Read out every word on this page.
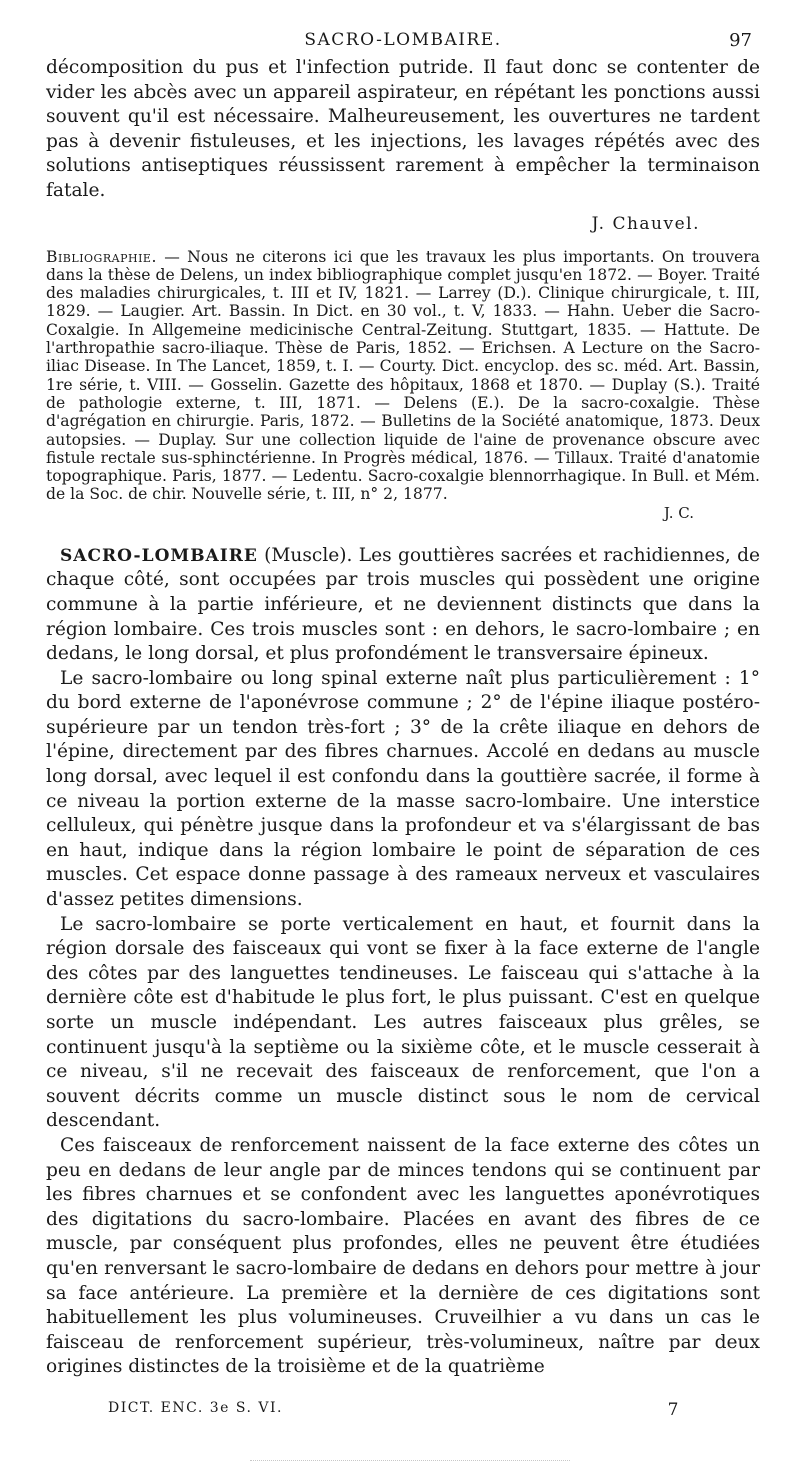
SACRO-LOMBAIRE.	97

décomposition du pus et l'infection putride. Il faut donc se contenter de vider les abcès avec un appareil aspirateur, en répétant les ponctions aussi souvent qu'il est nécessaire. Malheureusement, les ouvertures ne tardent pas à devenir fistuleuses, et les injections, les lavages répétés avec des solutions antiseptiques réussissent rarement à empêcher la terminaison fatale.

J. Chauvel.

Bibliographie. — Nous ne citerons ici que les travaux les plus importants. On trouvera dans la thèse de Delens, un index bibliographique complet jusqu'en 1872. — Boyer. Traité des maladies chirurgicales, t. III et IV, 1821. — Larrey (D.). Clinique chirurgicale, t. III, 1829. — Laugier. Art. Bassin. In Dict. en 30 vol., t. V, 1833. — Hahn. Ueber die Sacro-Coxalgie. In Allgemeine medicinische Central-Zeitung. Stuttgart, 1835. — Hattute. De l'arthropathie sacro-iliaque. Thèse de Paris, 1852. — Erichsen. A Lecture on the Sacro-iliac Disease. In The Lancet, 1859, t. I. — Courty. Dict. encyclop. des sc. méd. Art. Bassin, 1re série, t. VIII. — Gosselin. Gazette des hôpitaux, 1868 et 1870. — Duplay (S.). Traité de pathologie externe, t. III, 1871. — Delens (E.). De la sacro-coxalgie. Thèse d'agrégation en chirurgie. Paris, 1872. — Bulletins de la Société anatomique, 1873. Deux autopsies. — Duplay. Sur une collection liquide de l'aine de provenance obscure avec fistule rectale sus-sphinctérienne. In Progrès médical, 1876. — Tillaux. Traité d'anatomie topographique. Paris, 1877. — Ledentu. Sacro-coxalgie blennorrhagique. In Bull. et Mém. de la Soc. de chir. Nouvelle série, t. III, n° 2, 1877.

J. C.

SACRO-LOMBAIRE (Muscle). Les gouttières sacrées et rachidiennes, de chaque côté, sont occupées par trois muscles qui possèdent une origine commune à la partie inférieure, et ne deviennent distincts que dans la région lombaire. Ces trois muscles sont : en dehors, le sacro-lombaire ; en dedans, le long dorsal, et plus profondément le transversaire épineux.

Le sacro-lombaire ou long spinal externe naît plus particulièrement : 1° du bord externe de l'aponévrose commune ; 2° de l'épine iliaque postéro-supérieure par un tendon très-fort ; 3° de la crête iliaque en dehors de l'épine, directement par des fibres charnues. Accolé en dedans au muscle long dorsal, avec lequel il est confondu dans la gouttière sacrée, il forme à ce niveau la portion externe de la masse sacro-lombaire. Une interstice celluleux, qui pénètre jusque dans la profondeur et va s'élargissant de bas en haut, indique dans la région lombaire le point de séparation de ces muscles. Cet espace donne passage à des rameaux nerveux et vasculaires d'assez petites dimensions.

Le sacro-lombaire se porte verticalement en haut, et fournit dans la région dorsale des faisceaux qui vont se fixer à la face externe de l'angle des côtes par des languettes tendineuses. Le faisceau qui s'attache à la dernière côte est d'habitude le plus fort, le plus puissant. C'est en quelque sorte un muscle indépendant. Les autres faisceaux plus grêles, se continuent jusqu'à la septième ou la sixième côte, et le muscle cesserait à ce niveau, s'il ne recevait des faisceaux de renforcement, que l'on a souvent décrits comme un muscle distinct sous le nom de cervical descendant.

Ces faisceaux de renforcement naissent de la face externe des côtes un peu en dedans de leur angle par de minces tendons qui se continuent par les fibres charnues et se confondent avec les languettes aponévrotiques des digitations du sacro-lombaire. Placées en avant des fibres de ce muscle, par conséquent plus profondes, elles ne peuvent être étudiées qu'en renversant le sacro-lombaire de dedans en dehors pour mettre à jour sa face antérieure. La première et la dernière de ces digitations sont habituellement les plus volumineuses. Cruveilhier a vu dans un cas le faisceau de renforcement supérieur, très-volumineux, naître par deux origines distinctes de la troisième et de la quatrième

DICT. ENC. 3e S. VI.	7
